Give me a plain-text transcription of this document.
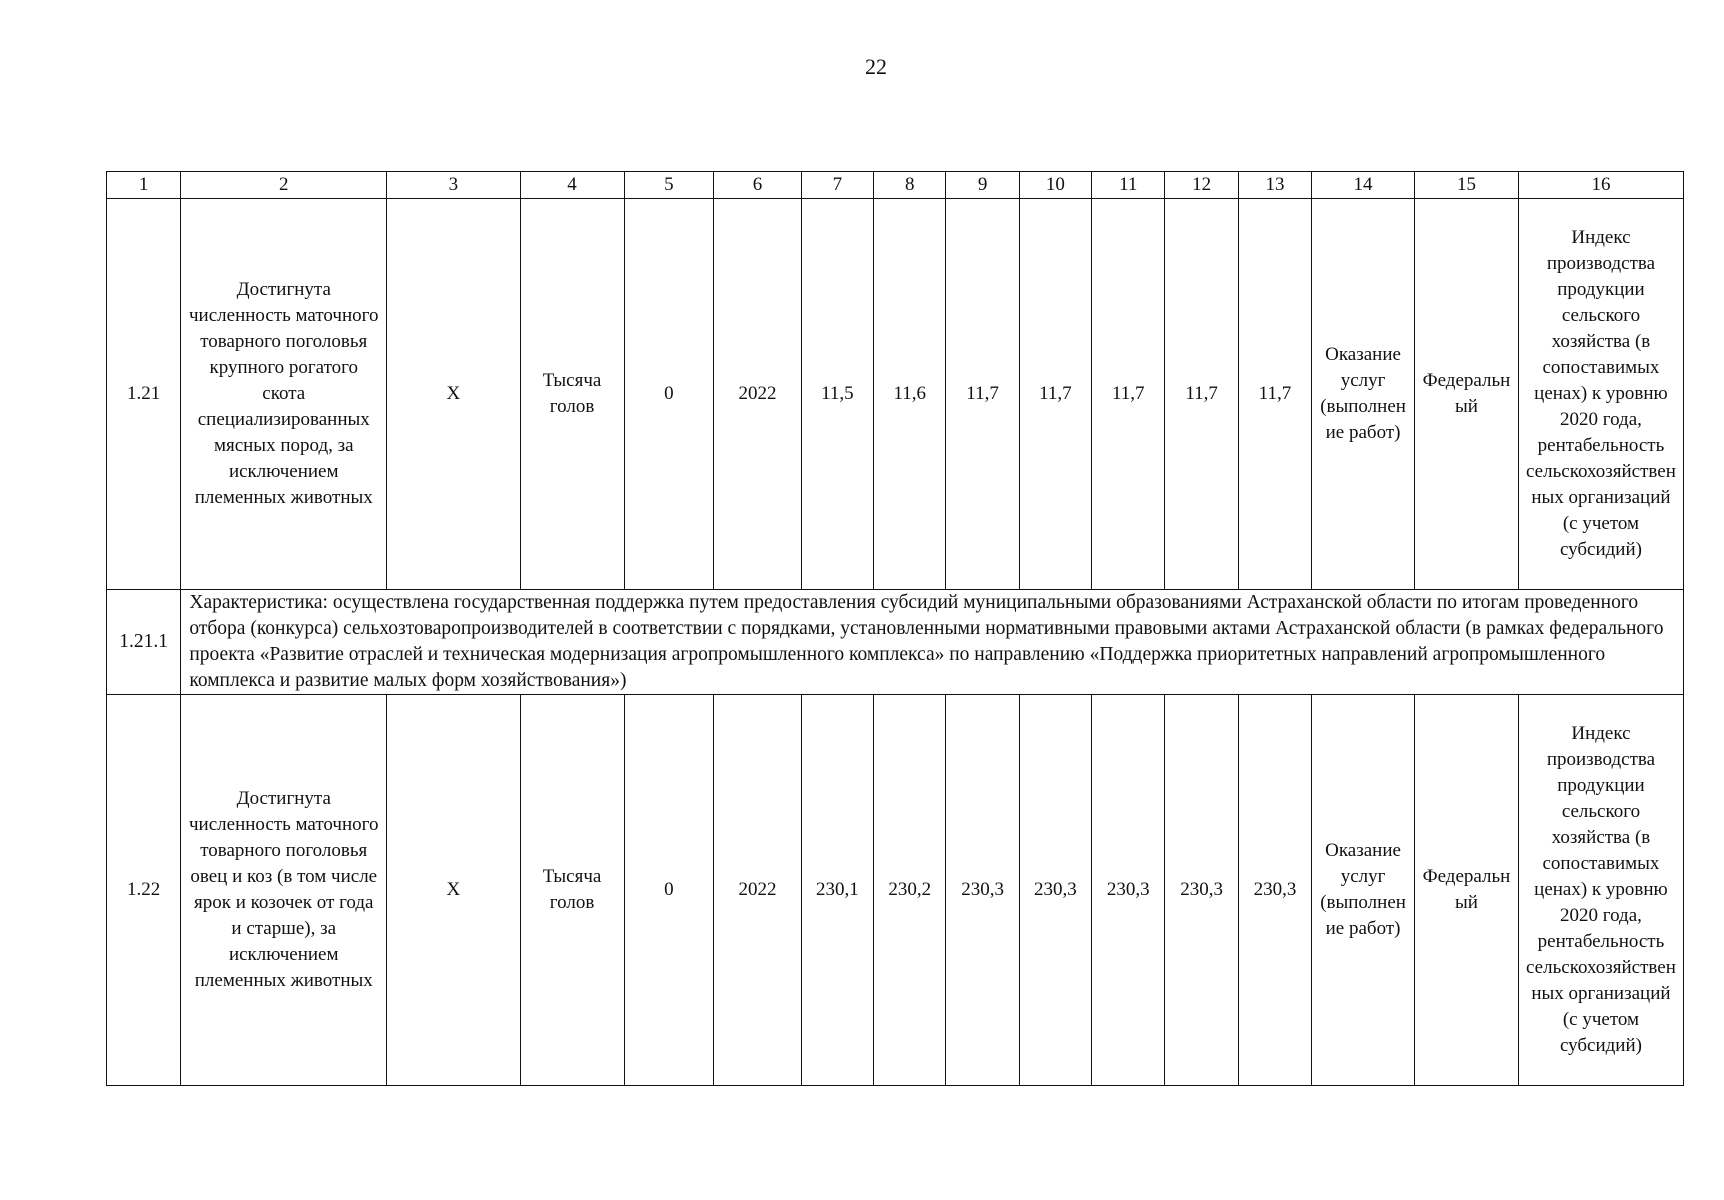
22
1	2	3	4	5	6	7	8	9	10	11	12	13	14	15	16
1.21	Достигнута численность маточного товарного поголовья крупного рогатого скота специализированных мясных пород, за исключением племенных животных	X	Тысяча голов	0	2022	11,5	11,6	11,7	11,7	11,7	11,7	11,7	Оказание услуг (выполнение работ)	Федеральный	Индекс производства продукции сельского хозяйства (в сопоставимых ценах) к уровню 2020 года, рентабельность сельскохозяйственных организаций (с учетом субсидий)
1.21.1	Характеристика: осуществлена государственная поддержка путем предоставления субсидий муниципальными образованиями Астраханской области по итогам проведенного отбора (конкурса) сельхозтоваропроизводителей в соответствии с порядками, установленными нормативными правовыми актами Астраханской области (в рамках федерального проекта «Развитие отраслей и техническая модернизация агропромышленного комплекса» по направлению «Поддержка приоритетных направлений агропромышленного комплекса и развитие малых форм хозяйствования»)														
1.22	Достигнута численность маточного товарного поголовья овец и коз (в том числе ярок и козочек от года и старше), за исключением племенных животных	X	Тысяча голов	0	2022	230,1	230,2	230,3	230,3	230,3	230,3	230,3	Оказание услуг (выполнение работ)	Федеральный	Индекс производства продукции сельского хозяйства (в сопоставимых ценах) к уровню 2020 года, рентабельность сельскохозяйственных организаций (с учетом субсидий)
